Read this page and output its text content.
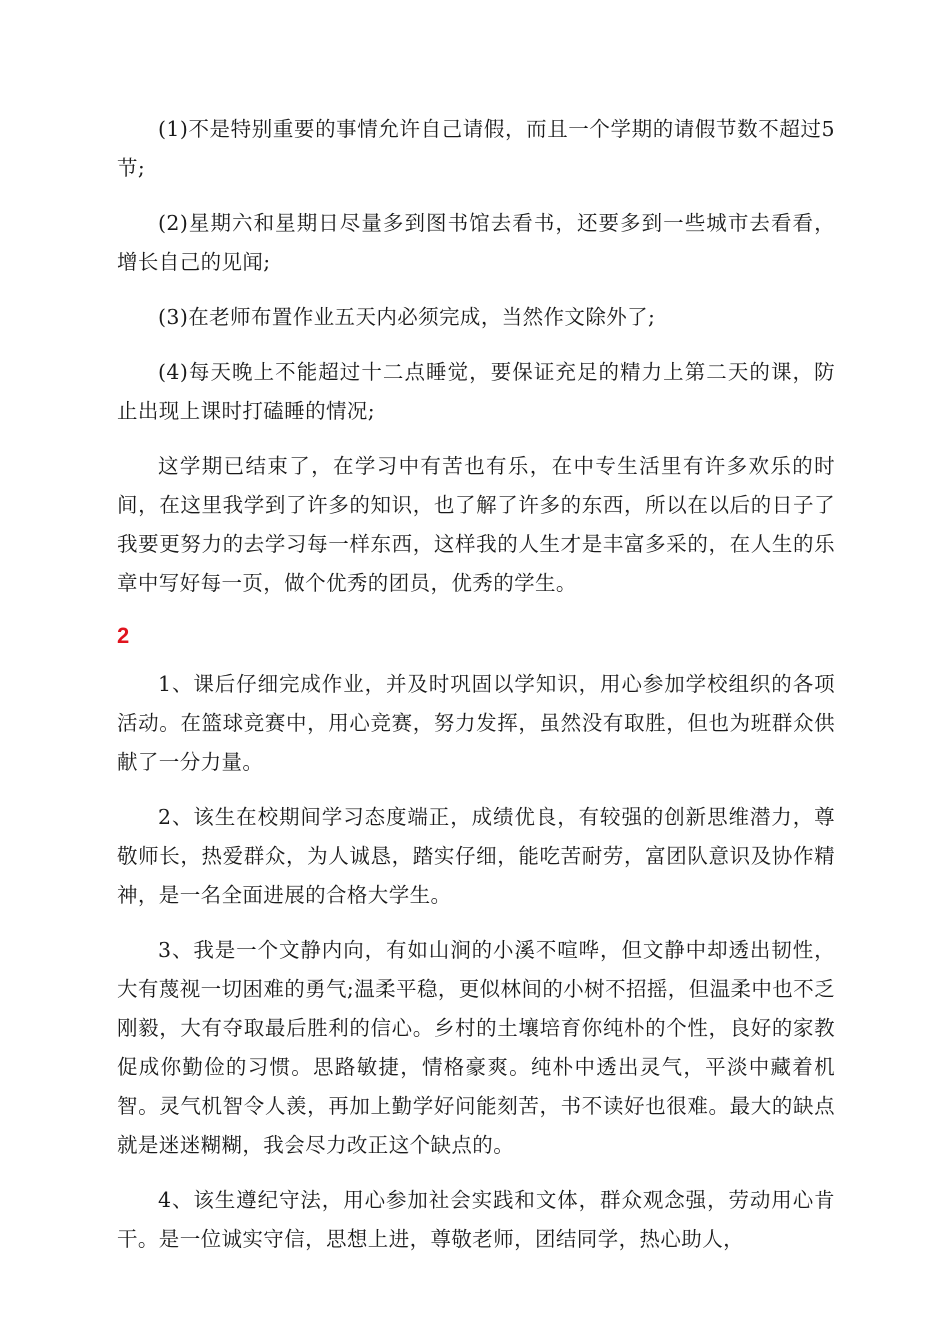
(1)不是特别重要的事情允许自己请假，而且一个学期的请假节数不超过5节;

(2)星期六和星期日尽量多到图书馆去看书，还要多到一些城市去看看，增长自己的见闻;

(3)在老师布置作业五天内必须完成，当然作文除外了;

(4)每天晚上不能超过十二点睡觉，要保证充足的精力上第二天的课，防止出现上课时打磕睡的情况;

这学期已结束了，在学习中有苦也有乐，在中专生活里有许多欢乐的时间，在这里我学到了许多的知识，也了解了许多的东西，所以在以后的日子了我要更努力的去学习每一样东西，这样我的人生才是丰富多采的，在人生的乐章中写好每一页，做个优秀的团员，优秀的学生。

2

1、课后仔细完成作业，并及时巩固以学知识，用心参加学校组织的各项活动。在篮球竞赛中，用心竞赛，努力发挥，虽然没有取胜，但也为班群众供献了一分力量。

2、该生在校期间学习态度端正，成绩优良，有较强的创新思维潜力，尊敬师长，热爱群众，为人诚恳，踏实仔细，能吃苦耐劳，富团队意识及协作精神，是一名全面进展的合格大学生。

3、我是一个文静内向，有如山涧的小溪不喧哗，但文静中却透出韧性，大有蔑视一切困难的勇气;温柔平稳，更似林间的小树不招摇，但温柔中也不乏刚毅，大有夺取最后胜利的信心。乡村的土壤培育你纯朴的个性，良好的家教促成你勤俭的习惯。思路敏捷，情格豪爽。纯朴中透出灵气，平淡中藏着机智。灵气机智令人羡，再加上勤学好问能刻苦，书不读好也很难。最大的缺点就是迷迷糊糊，我会尽力改正这个缺点的。

4、该生遵纪守法，用心参加社会实践和文体，群众观念强，劳动用心肯干。是一位诚实守信，思想上进，尊敬老师，团结同学，热心助人，
